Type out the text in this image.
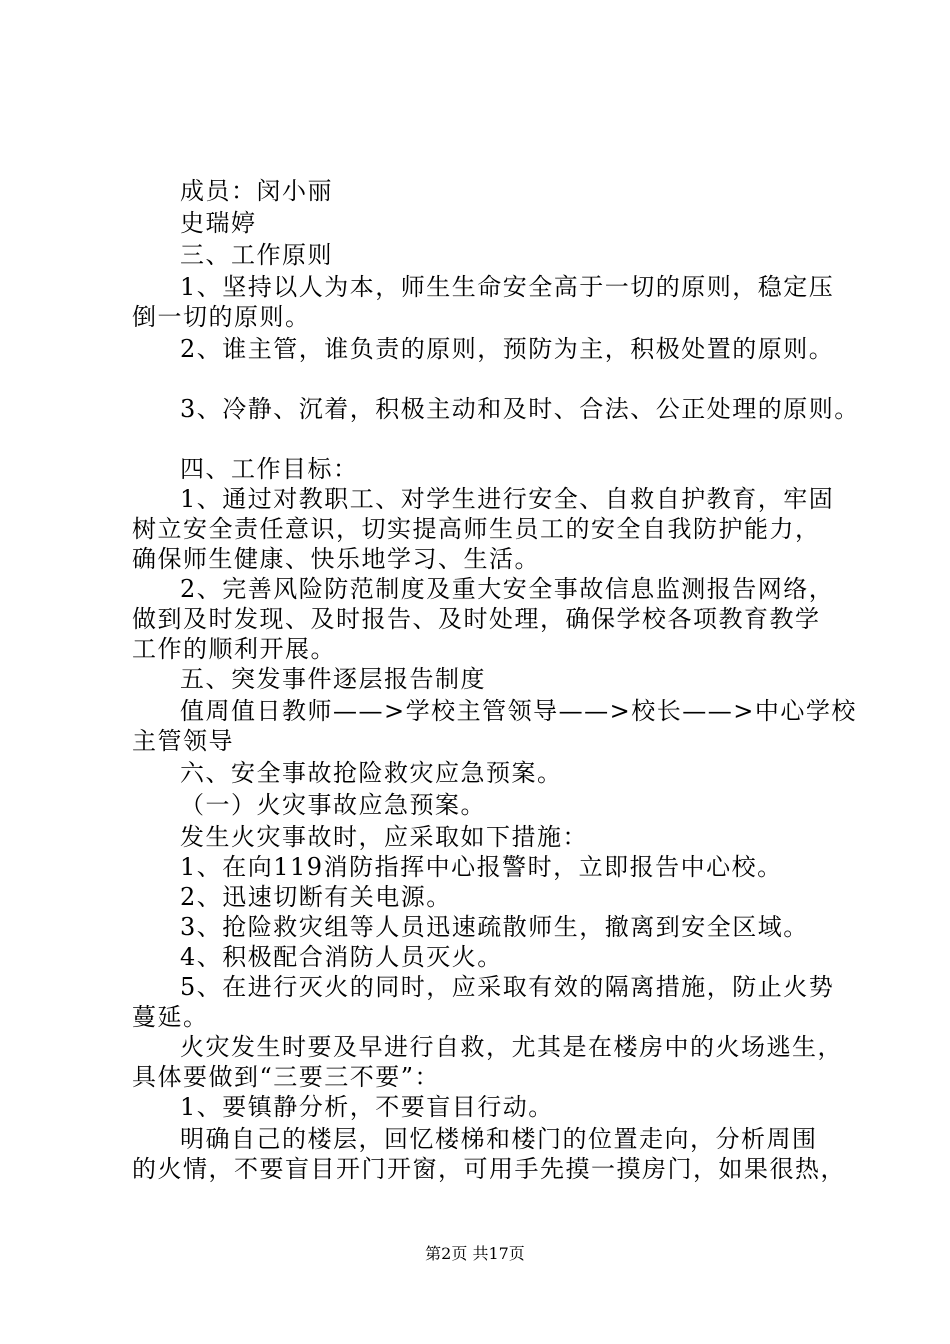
成员：闵小丽
史瑞婷
三、工作原则
1、坚持以人为本，师生生命安全高于一切的原则，稳定压
倒一切的原则。
2、谁主管，谁负责的原则，预防为主，积极处置的原则。
3、冷静、沉着，积极主动和及时、合法、公正处理的原则。
四、工作目标：
1、通过对教职工、对学生进行安全、自救自护教育，牢固
树立安全责任意识，切实提高师生员工的安全自我防护能力，
确保师生健康、快乐地学习、生活。
2、完善风险防范制度及重大安全事故信息监测报告网络，
做到及时发现、及时报告、及时处理，确保学校各项教育教学
工作的顺利开展。
五、突发事件逐层报告制度
值周值日教师——>学校主管领导——>校长——>中心学校
主管领导
六、安全事故抢险救灾应急预案。
（一）火灾事故应急预案。
发生火灾事故时，应采取如下措施：
1、在向119消防指挥中心报警时，立即报告中心校。
2、迅速切断有关电源。
3、抢险救灾组等人员迅速疏散师生，撤离到安全区域。
4、积极配合消防人员灭火。
5、在进行灭火的同时，应采取有效的隔离措施，防止火势
蔓延。
火灾发生时要及早进行自救，尤其是在楼房中的火场逃生，
具体要做到“三要三不要”：
1、要镇静分析，不要盲目行动。
明确自己的楼层，回忆楼梯和楼门的位置走向，分析周围
的火情，不要盲目开门开窗，可用手先摸一摸房门，如果很热，
第2页 共17页
